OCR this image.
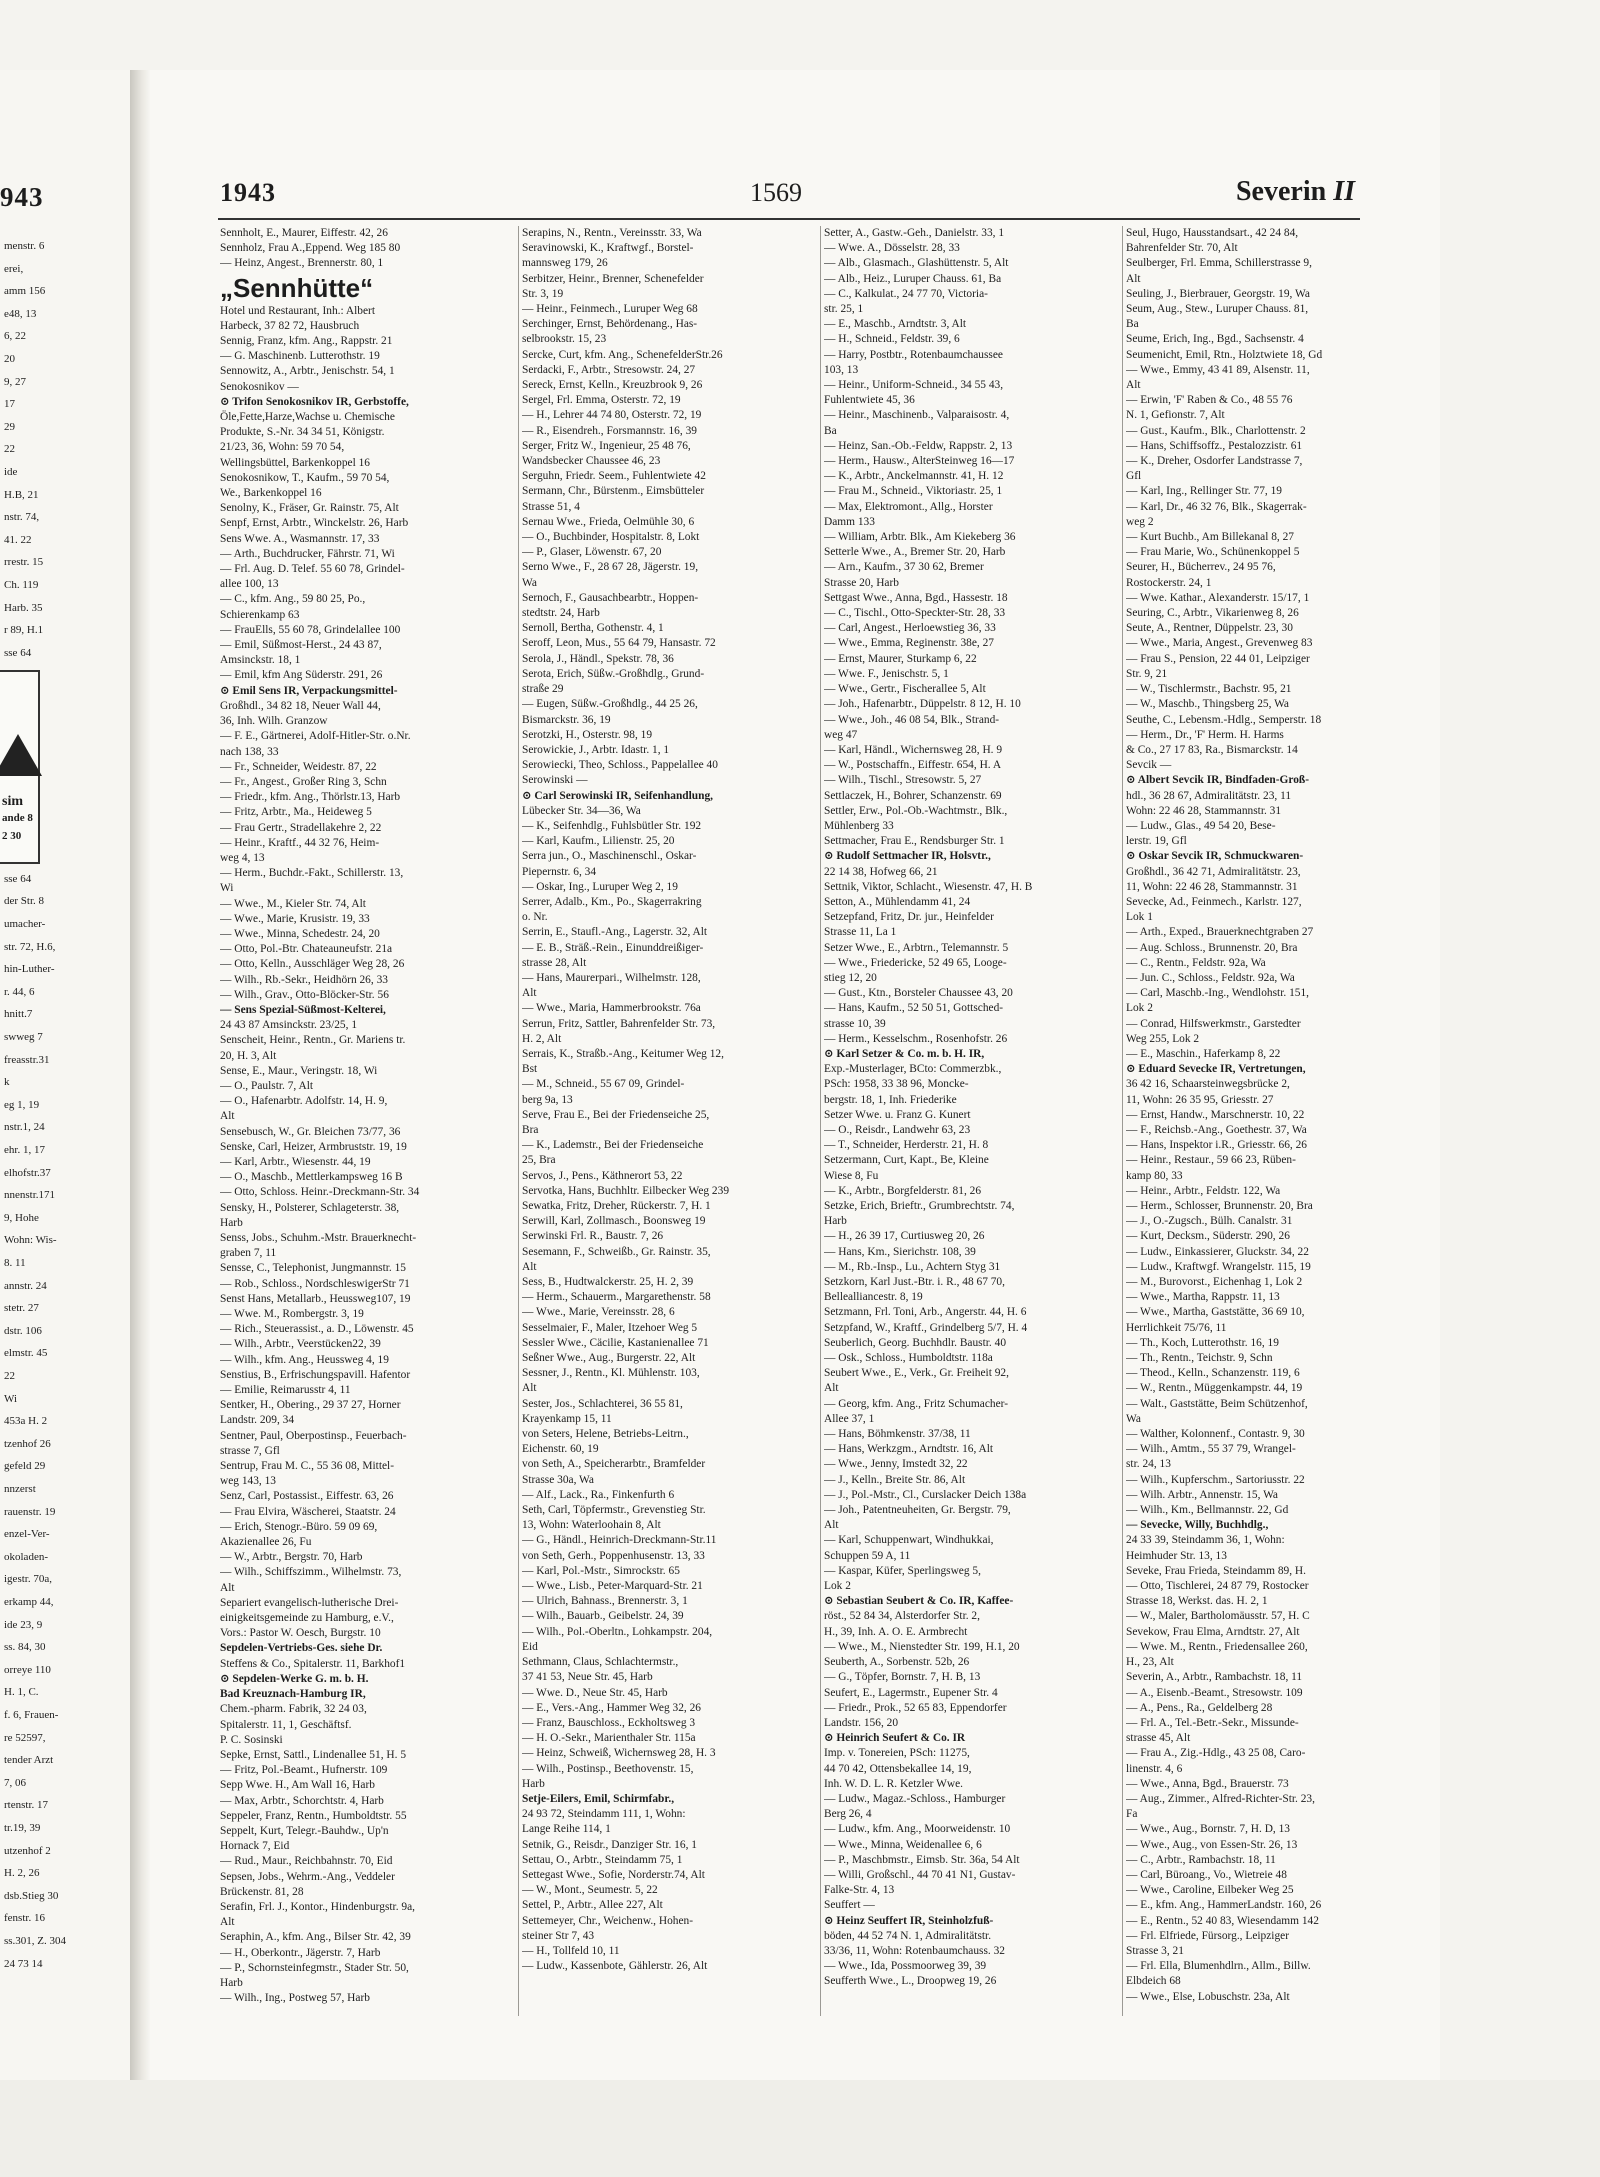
943
menstr. 6
erei,
amm 156
e48, 13
6, 22
20
9, 27
17
29
22
ide
H.B, 21
nstr. 74,
41. 22
rrestr. 15
Ch. 119
Harb. 35
r 89, H.1
sse 64
sse 64
der Str. 8
umacher-
str. 72, H.6,
hin-Luther-
r. 44, 6
hnitt.7
swweg 7
freasstr.31
k
eg 1, 19
nstr.1, 24
ehr. 1, 17
elhofstr.37
nnenstr.171
9, Hohe
Wohn: Wis-
8. 11
annstr. 24
stetr. 27
dstr. 106
elmstr. 45
22
Wi
453a H. 2
tzenhof 26
gefeld 29
nnzerst
rauenstr. 19
enzel-Ver-
okoladen-
igestr. 70a,
erkamp 44,
ide 23, 9
ss. 84, 30
orreye 110
H. 1, C.
f. 6, Frauen-
re 52597,
tender Arzt
7, 06
rtenstr. 17
tr.19, 39
utzenhof 2
H. 2, 26
dsb.Stieg 30
fenstr. 16
ss.301, Z. 304
24 73 14
sim
ande 8
2 30
1943	1569	Severin II
Sennholt, E., Maurer, Eiffestr. 42, 26
Sennholz, Frau A.,Eppend. Weg 185 80
— Heinz, Angest., Brennerstr. 80, 1
„Sennhütte“
Hotel und Restaurant, Inh.: Albert
Harbeck, 37 82 72, Hausbruch
Sennig, Franz, kfm. Ang., Rappstr. 21
— G. Maschinenb. Lutterothstr. 19
Sennowitz, A., Arbtr., Jenischstr. 54, 1
Senokosnikov —
⊙ Trifon Senokosnikov IR, Gerbstoffe,
Öle,Fette,Harze,Wachse u. Chemische
Produkte, S.-Nr. 34 34 51, Königstr.
21/23, 36, Wohn: 59 70 54,
Wellingsbüttel, Barkenkoppel 16
Senokosnikow, T., Kaufm., 59 70 54,
We., Barkenkoppel 16
Senolny, K., Fräser, Gr. Rainstr. 75, Alt
Senpf, Ernst, Arbtr., Winckelstr. 26, Harb
Sens Wwe. A., Wasmannstr. 17, 33
— Arth., Buchdrucker, Fährstr. 71, Wi
— Frl. Aug. D. Telef. 55 60 78, Grindel-
allee 100, 13
— C., kfm. Ang., 59 80 25, Po.,
Schierenkamp 63
— FrauElls, 55 60 78, Grindelallee 100
— Emil, Süßmost-Herst., 24 43 87,
Amsinckstr. 18, 1
— Emil, kfm Ang Süderstr. 291, 26
⊙ Emil Sens IR, Verpackungsmittel-
Großhdl., 34 82 18, Neuer Wall 44,
36, Inh. Wilh. Granzow
— F. E., Gärtnerei, Adolf-Hitler-Str. o.Nr.
nach 138, 33
— Fr., Schneider, Weidestr. 87, 22
— Fr., Angest., Großer Ring 3, Schn
— Friedr., kfm. Ang., Thörlstr.13, Harb
— Fritz, Arbtr., Ma., Heideweg 5
— Frau Gertr., Stradellakehre 2, 22
— Heinr., Kraftf., 44 32 76, Heim-
weg 4, 13
— Herm., Buchdr.-Fakt., Schillerstr. 13,
Wi
— Wwe., M., Kieler Str. 74, Alt
— Wwe., Marie, Krusistr. 19, 33
— Wwe., Minna, Schedestr. 24, 20
— Otto, Pol.-Btr. Chateauneufstr. 21a
— Otto, Kelln., Ausschläger Weg 28, 26
— Wilh., Rb.-Sekr., Heidhörn 26, 33
— Wilh., Grav., Otto-Blöcker-Str. 56
— Sens Spezial-Süßmost-Kelterei,
24 43 87 Amsinckstr. 23/25, 1
Senscheit, Heinr., Rentn., Gr. Mariens tr.
20, H. 3, Alt
Sense, E., Maur., Veringstr. 18, Wi
— O., Paulstr. 7, Alt
— O., Hafenarbtr. Adolfstr. 14, H. 9,
Alt
Sensebusch, W., Gr. Bleichen 73/77, 36
Senske, Carl, Heizer, Armbruststr. 19, 19
— Karl, Arbtr., Wiesenstr. 44, 19
— O., Maschb., Mettlerkampsweg 16 B
— Otto, Schloss. Heinr.-Dreckmann-Str. 34
Sensky, H., Polsterer, Schlageterstr. 38,
Harb
Senss, Jobs., Schuhm.-Mstr. Brauerknecht-
graben 7, 11
Sensse, C., Telephonist, Jungmannstr. 15
— Rob., Schloss., NordschleswigerStr 71
Senst Hans, Metallarb., Heussweg107, 19
— Wwe. M., Rombergstr. 3, 19
— Rich., Steuerassist., a. D., Löwenstr. 45
— Wilh., Arbtr., Veerstücken22, 39
— Wilh., kfm. Ang., Heussweg 4, 19
Senstius, B., Erfrischungspavill. Hafentor
— Emilie, Reimarusstr 4, 11
Sentker, H., Obering., 29 37 27, Horner
Landstr. 209, 34
Sentner, Paul, Oberpostinsp., Feuerbach-
strasse 7, Gfl
Sentrup, Frau M. C., 55 36 08, Mittel-
weg 143, 13
Senz, Carl, Postassist., Eiffestr. 63, 26
— Frau Elvira, Wäscherei, Staatstr. 24
— Erich, Stenogr.-Büro. 59 09 69,
Akazienallee 26, Fu
— W., Arbtr., Bergstr. 70, Harb
— Wilh., Schiffszimm., Wilhelmstr. 73,
Alt
Separiert evangelisch-lutherische Drei-
einigkeitsgemeinde zu Hamburg, e.V.,
Vors.: Pastor W. Oesch, Burgstr. 10
Sepdelen-Vertriebs-Ges. siehe Dr.
Steffens & Co., Spitalerstr. 11, Barkhof1
⊙ Sepdelen-Werke G. m. b. H.
Bad Kreuznach-Hamburg IR,
Chem.-pharm. Fabrik, 32 24 03,
Spitalerstr. 11, 1, Geschäftsf.
P. C. Sosinski
Sepke, Ernst, Sattl., Lindenallee 51, H. 5
— Fritz, Pol.-Beamt., Hufnerstr. 109
Sepp Wwe. H., Am Wall 16, Harb
— Max, Arbtr., Schorchtstr. 4, Harb
Seppeler, Franz, Rentn., Humboldtstr. 55
Seppelt, Kurt, Telegr.-Bauhdw., Up'n
Hornack 7, Eid
— Rud., Maur., Reichbahnstr. 70, Eid
Sepsen, Jobs., Wehrm.-Ang., Veddeler
Brückenstr. 81, 28
Serafin, Frl. J., Kontor., Hindenburgstr. 9a,
Alt
Seraphin, A., kfm. Ang., Bilser Str. 42, 39
— H., Oberkontr., Jägerstr. 7, Harb
— P., Schornsteinfegmstr., Stader Str. 50,
Harb
— Wilh., Ing., Postweg 57, Harb
Serapins, N., Rentn., Vereinsstr. 33, Wa
Seravinowski, K., Kraftwgf., Borstel-
mannsweg 179, 26
Serbitzer, Heinr., Brenner, Schenefelder
Str. 3, 19
— Heinr., Feinmech., Luruper Weg 68
Serchinger, Ernst, Behördenang., Has-
selbrookstr. 15, 23
Sercke, Curt, kfm. Ang., SchenefelderStr.26
Serdacki, F., Arbtr., Stresowstr. 24, 27
Sereck, Ernst, Kelln., Kreuzbrook 9, 26
Sergel, Frl. Emma, Osterstr. 72, 19
— H., Lehrer 44 74 80, Osterstr. 72, 19
— R., Eisendreh., Forsmannstr. 16, 39
Serger, Fritz W., Ingenieur, 25 48 76,
Wandsbecker Chaussee 46, 23
Serguhn, Friedr. Seem., Fuhlentwiete 42
Sermann, Chr., Bürstenm., Eimsbütteler
Strasse 51, 4
Sernau Wwe., Frieda, Oelmühle 30, 6
— O., Buchbinder, Hospitalstr. 8, Lokt
— P., Glaser, Löwenstr. 67, 20
Serno Wwe., F., 28 67 28, Jägerstr. 19,
Wa
Sernoch, F., Gausachbearbtr., Hoppen-
stedtstr. 24, Harb
Sernoll, Bertha, Gothenstr. 4, 1
Seroff, Leon, Mus., 55 64 79, Hansastr. 72
Serola, J., Händl., Spekstr. 78, 36
Serota, Erich, Süßw.-Großhdlg., Grund-
straße 29
— Eugen, Süßw.-Großhdlg., 44 25 26,
Bismarckstr. 36, 19
Serotzki, H., Osterstr. 98, 19
Serowickie, J., Arbtr. Idastr. 1, 1
Serowiecki, Theo, Schloss., Pappelallee 40
Serowinski —
⊙ Carl Serowinski IR, Seifenhandlung,
Lübecker Str. 34—36, Wa
— K., Seifenhdlg., Fuhlsbütler Str. 192
— Karl, Kaufm., Lilienstr. 25, 20
Serra jun., O., Maschinenschl., Oskar-
Piepernstr. 6, 34
— Oskar, Ing., Luruper Weg 2, 19
Serrer, Adalb., Km., Po., Skagerrakring
o. Nr.
Serrin, E., Staufl.-Ang., Lagerstr. 32, Alt
— E. B., Sträß.-Rein., Einunddreißiger-
strasse 28, Alt
— Hans, Maurerpari., Wilhelmstr. 128,
Alt
— Wwe., Maria, Hammerbrookstr. 76a
Serrun, Fritz, Sattler, Bahrenfelder Str. 73,
H. 2, Alt
Serrais, K., Straßb.-Ang., Keitumer Weg 12,
Bst
— M., Schneid., 55 67 09, Grindel-
berg 9a, 13
Serve, Frau E., Bei der Friedenseiche 25,
Bra
— K., Lademstr., Bei der Friedenseiche
25, Bra
Servos, J., Pens., Käthnerort 53, 22
Servotka, Hans, Buchhltr. Eilbecker Weg 239
Sewatka, Fritz, Dreher, Rückerstr. 7, H. 1
Serwill, Karl, Zollmasch., Boonsweg 19
Serwinski Frl. R., Baustr. 7, 26
Sesemann, F., Schweißb., Gr. Rainstr. 35,
Alt
Sess, B., Hudtwalckerstr. 25, H. 2, 39
— Herm., Schauerm., Margarethenstr. 58
— Wwe., Marie, Vereinsstr. 28, 6
Sesselmaier, F., Maler, Itzehoer Weg 5
Sessler Wwe., Cäcilie, Kastanienallee 71
Seßner Wwe., Aug., Burgerstr. 22, Alt
Sessner, J., Rentn., Kl. Mühlenstr. 103,
Alt
Sester, Jos., Schlachterei, 36 55 81,
Krayenkamp 15, 11
von Seters, Helene, Betriebs-Leitrn.,
Eichenstr. 60, 19
von Seth, A., Speicherarbtr., Bramfelder
Strasse 30a, Wa
— Alf., Lack., Ra., Finkenfurth 6
Seth, Carl, Töpfermstr., Grevenstieg Str.
13, Wohn: Waterloohain 8, Alt
— G., Händl., Heinrich-Dreckmann-Str.11
von Seth, Gerh., Poppenhusenstr. 13, 33
— Karl, Pol.-Mstr., Simrockstr. 65
— Wwe., Lisb., Peter-Marquard-Str. 21
— Ulrich, Bahnass., Brennerstr. 3, 1
— Wilh., Bauarb., Geibelstr. 24, 39
— Wilh., Pol.-Oberltn., Lohkampstr. 204,
Eid
Sethmann, Claus, Schlachtermstr.,
37 41 53, Neue Str. 45, Harb
— Wwe. D., Neue Str. 45, Harb
— E., Vers.-Ang., Hammer Weg 32, 26
— Franz, Bauschloss., Eckholtsweg 3
— H. O.-Sekr., Marienthaler Str. 115a
— Heinz, Schweiß, Wichernsweg 28, H. 3
— Wilh., Postinsp., Beethovenstr. 15,
Harb
Setje-Eilers, Emil, Schirmfabr.,
24 93 72, Steindamm 111, 1, Wohn:
Lange Reihe 114, 1
Setnik, G., Reisdr., Danziger Str. 16, 1
Settau, O., Arbtr., Steindamm 75, 1
Settegast Wwe., Sofie, Norderstr.74, Alt
— W., Mont., Seumestr. 5, 22
Settel, P., Arbtr., Allee 227, Alt
Settemeyer, Chr., Weichenw., Hohen-
steiner Str 7, 43
— H., Tollfeld 10, 11
— Ludw., Kassenbote, Gählerstr. 26, Alt
Setter, A., Gastw.-Geh., Danielstr. 33, 1
— Wwe. A., Dösselstr. 28, 33
— Alb., Glasmach., Glashüttenstr. 5, Alt
— Alb., Heiz., Luruper Chauss. 61, Ba
— C., Kalkulat., 24 77 70, Victoria-
str. 25, 1
— E., Maschb., Arndtstr. 3, Alt
— H., Schneid., Feldstr. 39, 6
— Harry, Postbtr., Rotenbaumchaussee
103, 13
— Heinr., Uniform-Schneid., 34 55 43,
Fuhlentwiete 45, 36
— Heinr., Maschinenb., Valparaisostr. 4,
Ba
— Heinz, San.-Ob.-Feldw, Rappstr. 2, 13
— Herm., Hausw., AlterSteinweg 16—17
— K., Arbtr., Anckelmannstr. 41, H. 12
— Frau M., Schneid., Viktoriastr. 25, 1
— Max, Elektromont., Allg., Horster
Damm 133
— William, Arbtr. Blk., Am Kiekeberg 36
Setterle Wwe., A., Bremer Str. 20, Harb
— Arn., Kaufm., 37 30 62, Bremer
Strasse 20, Harb
Settgast Wwe., Anna, Bgd., Hassestr. 18
— C., Tischl., Otto-Speckter-Str. 28, 33
— Carl, Angest., Herloewstieg 36, 33
— Wwe., Emma, Reginenstr. 38e, 27
— Ernst, Maurer, Sturkamp 6, 22
— Wwe. F., Jenischstr. 5, 1
— Wwe., Gertr., Fischerallee 5, Alt
— Joh., Hafenarbtr., Düppelstr. 8 12, H. 10
— Wwe., Joh., 46 08 54, Blk., Strand-
weg 47
— Karl, Händl., Wichernsweg 28, H. 9
— W., Postschaffn., Eiffestr. 654, H. A
— Wilh., Tischl., Stresowstr. 5, 27
Settlaczek, H., Bohrer, Schanzenstr. 69
Settler, Erw., Pol.-Ob.-Wachtmstr., Blk.,
Mühlenberg 33
Settmacher, Frau E., Rendsburger Str. 1
⊙ Rudolf Settmacher IR, Holsvtr.,
22 14 38, Hofweg 66, 21
Settnik, Viktor, Schlacht., Wiesenstr. 47, H. B
Setton, A., Mühlendamm 41, 24
Setzepfand, Fritz, Dr. jur., Heinfelder
Strasse 11, La 1
Setzer Wwe., E., Arbtrn., Telemannstr. 5
— Wwe., Friedericke, 52 49 65, Looge-
stieg 12, 20
— Gust., Ktn., Borsteler Chaussee 43, 20
— Hans, Kaufm., 52 50 51, Gottsched-
strasse 10, 39
— Herm., Kesselschm., Rosenhofstr. 26
⊙ Karl Setzer & Co. m. b. H. IR,
Exp.-Musterlager, BCto: Commerzbk.,
PSch: 1958, 33 38 96, Moncke-
bergstr. 18, 1, Inh. Friederike
Setzer Wwe. u. Franz G. Kunert
— O., Reisdr., Landwehr 63, 23
— T., Schneider, Herderstr. 21, H. 8
Setzermann, Curt, Kapt., Be, Kleine
Wiese 8, Fu
— K., Arbtr., Borgfelderstr. 81, 26
Setzke, Erich, Brieftr., Grumbrechtstr. 74,
Harb
— H., 26 39 17, Curtiusweg 20, 26
— Hans, Km., Sierichstr. 108, 39
— M., Rb.-Insp., Lu., Achtern Styg 31
Setzkorn, Karl Just.-Btr. i. R., 48 67 70,
Bellealliancestr. 8, 19
Setzmann, Frl. Toni, Arb., Angerstr. 44, H. 6
Setzpfand, W., Kraftf., Grindelberg 5/7, H. 4
Seuberlich, Georg. Buchhdlr. Baustr. 40
— Osk., Schloss., Humboldtstr. 118a
Seubert Wwe., E., Verk., Gr. Freiheit 92,
Alt
— Georg, kfm. Ang., Fritz Schumacher-
Allee 37, 1
— Hans, Böhmkenstr. 37/38, 11
— Hans, Werkzgm., Arndtstr. 16, Alt
— Wwe., Jenny, Imstedt 32, 22
— J., Kelln., Breite Str. 86, Alt
— J., Pol.-Mstr., Cl., Curslacker Deich 138a
— Joh., Patentneuheiten, Gr. Bergstr. 79,
Alt
— Karl, Schuppenwart, Windhukkai,
Schuppen 59 A, 11
— Kaspar, Küfer, Sperlingsweg 5,
Lok 2
⊙ Sebastian Seubert & Co. IR, Kaffee-
röst., 52 84 34, Alsterdorfer Str. 2,
H., 39, Inh. A. O. E. Armbrecht
— Wwe., M., Nienstedter Str. 199, H.1, 20
Seuberth, A., Sorbenstr. 52b, 26
— G., Töpfer, Bornstr. 7, H. B, 13
Seufert, E., Lagermstr., Eupener Str. 4
— Friedr., Prok., 52 65 83, Eppendorfer
Landstr. 156, 20
⊙ Heinrich Seufert & Co. IR
Imp. v. Tonereien, PSch: 11275,
44 70 42, Ottensbekallee 14, 19,
Inh. W. D. L. R. Ketzler Wwe.
— Ludw., Magaz.-Schloss., Hamburger
Berg 26, 4
— Ludw., kfm. Ang., Moorweidenstr. 10
— Wwe., Minna, Weidenallee 6, 6
— P., Maschbmstr., Eimsb. Str. 36a, 54 Alt
— Willi, Großschl., 44 70 41 N1, Gustav-
Falke-Str. 4, 13
Seuffert —
⊙ Heinz Seuffert IR, Steinholzfuß-
böden, 44 52 74 N. 1, Admiralitätstr.
33/36, 11, Wohn: Rotenbaumchauss. 32
— Wwe., Ida, Possmoorweg 39, 39
Seufferth Wwe., L., Droopweg 19, 26
Seul, Hugo, Hausstandsart., 42 24 84,
Bahrenfelder Str. 70, Alt
Seulberger, Frl. Emma, Schillerstrasse 9,
Alt
Seuling, J., Bierbrauer, Georgstr. 19, Wa
Seum, Aug., Stew., Luruper Chauss. 81,
Ba
Seume, Erich, Ing., Bgd., Sachsenstr. 4
Seumenicht, Emil, Rtn., Holztwiete 18, Gd
— Wwe., Emmy, 43 41 89, Alsenstr. 11,
Alt
— Erwin, 'F' Raben & Co., 48 55 76
N. 1, Gefionstr. 7, Alt
— Gust., Kaufm., Blk., Charlottenstr. 2
— Hans, Schiffsoffz., Pestalozzistr. 61
— K., Dreher, Osdorfer Landstrasse 7,
Gfl
— Karl, Ing., Rellinger Str. 77, 19
— Karl, Dr., 46 32 76, Blk., Skagerrak-
weg 2
— Kurt Buchb., Am Billekanal 8, 27
— Frau Marie, Wo., Schünenkoppel 5
Seurer, H., Bücherrev., 24 95 76,
Rostockerstr. 24, 1
— Wwe. Kathar., Alexanderstr. 15/17, 1
Seuring, C., Arbtr., Vikarienweg 8, 26
Seute, A., Rentner, Düppelstr. 23, 30
— Wwe., Maria, Angest., Grevenweg 83
— Frau S., Pension, 22 44 01, Leipziger
Str. 9, 21
— W., Tischlermstr., Bachstr. 95, 21
— W., Maschb., Thingsberg 25, Wa
Seuthe, C., Lebensm.-Hdlg., Semperstr. 18
— Herm., Dr., 'F' Herm. H. Harms
& Co., 27 17 83, Ra., Bismarckstr. 14
Sevcik —
⊙ Albert Sevcik IR, Bindfaden-Groß-
hdl., 36 28 67, Admiralitätstr. 23, 11
Wohn: 22 46 28, Stammannstr. 31
— Ludw., Glas., 49 54 20, Bese-
lerstr. 19, Gfl
⊙ Oskar Sevcik IR, Schmuckwaren-
Großhdl., 36 42 71, Admiralitätstr. 23,
11, Wohn: 22 46 28, Stammannstr. 31
Sevecke, Ad., Feinmech., Karlstr. 127,
Lok 1
— Arth., Exped., Brauerknechtgraben 27
— Aug. Schloss., Brunnenstr. 20, Bra
— C., Rentn., Feldstr. 92a, Wa
— Jun. C., Schloss., Feldstr. 92a, Wa
— Carl, Maschb.-Ing., Wendlohstr. 151,
Lok 2
— Conrad, Hilfswerkmstr., Garstedter
Weg 255, Lok 2
— E., Maschin., Haferkamp 8, 22
⊙ Eduard Sevecke IR, Vertretungen,
36 42 16, Schaarsteinwegsbrücke 2,
11, Wohn: 26 35 95, Griesstr. 27
— Ernst, Handw., Marschnerstr. 10, 22
— F., Reichsb.-Ang., Goethestr. 37, Wa
— Hans, Inspektor i.R., Griesstr. 66, 26
— Heinr., Restaur., 59 66 23, Rüben-
kamp 80, 33
— Heinr., Arbtr., Feldstr. 122, Wa
— Herm., Schlosser, Brunnenstr. 20, Bra
— J., O.-Zugsch., Bülh. Canalstr. 31
— Kurt, Decksm., Süderstr. 290, 26
— Ludw., Einkassierer, Gluckstr. 34, 22
— Ludw., Kraftwgf. Wrangelstr. 115, 19
— M., Burovorst., Eichenhag 1, Lok 2
— Wwe., Martha, Rappstr. 11, 13
— Wwe., Martha, Gaststätte, 36 69 10,
Herrlichkeit 75/76, 11
— Th., Koch, Lutterothstr. 16, 19
— Th., Rentn., Teichstr. 9, Schn
— Theod., Kelln., Schanzenstr. 119, 6
— W., Rentn., Müggenkampstr. 44, 19
— Walt., Gaststätte, Beim Schützenhof,
Wa
— Walther, Kolonnenf., Contastr. 9, 30
— Wilh., Amtm., 55 37 79, Wrangel-
str. 24, 13
— Wilh., Kupferschm., Sartoriusstr. 22
— Wilh. Arbtr., Annenstr. 15, Wa
— Wilh., Km., Bellmannstr. 22, Gd
— Sevecke, Willy, Buchhdlg.,
24 33 39, Steindamm 36, 1, Wohn:
Heimhuder Str. 13, 13
Seveke, Frau Frieda, Steindamm 89, H.
— Otto, Tischlerei, 24 87 79, Rostocker
Strasse 18, Werkst. das. H. 2, 1
— W., Maler, Bartholomäusstr. 57, H. C
Sevekow, Frau Elma, Arndtstr. 27, Alt
— Wwe. M., Rentn., Friedensallee 260,
H., 23, Alt
Severin, A., Arbtr., Rambachstr. 18, 11
— A., Eisenb.-Beamt., Stresowstr. 109
— A., Pens., Ra., Geldelberg 28
— Frl. A., Tel.-Betr.-Sekr., Missunde-
strasse 45, Alt
— Frau A., Zig.-Hdlg., 43 25 08, Caro-
linenstr. 4, 6
— Wwe., Anna, Bgd., Brauerstr. 73
— Aug., Zimmer., Alfred-Richter-Str. 23,
Fa
— Wwe., Aug., Bornstr. 7, H. D, 13
— Wwe., Aug., von Essen-Str. 26, 13
— C., Arbtr., Rambachstr. 18, 11
— Carl, Büroang., Vo., Wietreie 48
— Wwe., Caroline, Eilbeker Weg 25
— E., kfm. Ang., HammerLandstr. 160, 26
— E., Rentn., 52 40 83, Wiesendamm 142
— Frl. Elfriede, Fürsorg., Leipziger
Strasse 3, 21
— Frl. Ella, Blumenhdlrn., Allm., Billw.
Elbdeich 68
— Wwe., Else, Lobuschstr. 23a, Alt
